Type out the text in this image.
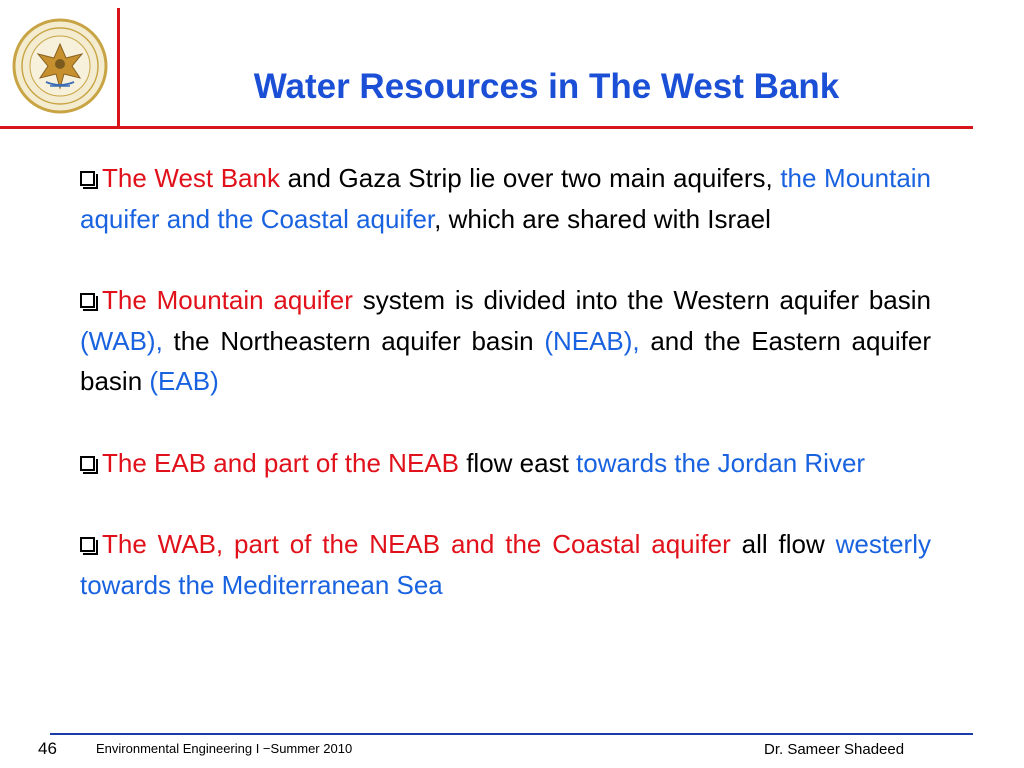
Water Resources in The West Bank

The West Bank and Gaza Strip lie over two main aquifers, the Mountain aquifer and the Coastal aquifer, which are shared with Israel

The Mountain aquifer system is divided into the Western aquifer basin (WAB), the Northeastern aquifer basin (NEAB), and the Eastern aquifer basin (EAB)

The EAB and part of the NEAB flow east towards the Jordan River

The WAB, part of the NEAB and the Coastal aquifer all flow westerly towards the Mediterranean Sea

46	Environmental Engineering I −Summer 2010	Dr. Sameer Shadeed
